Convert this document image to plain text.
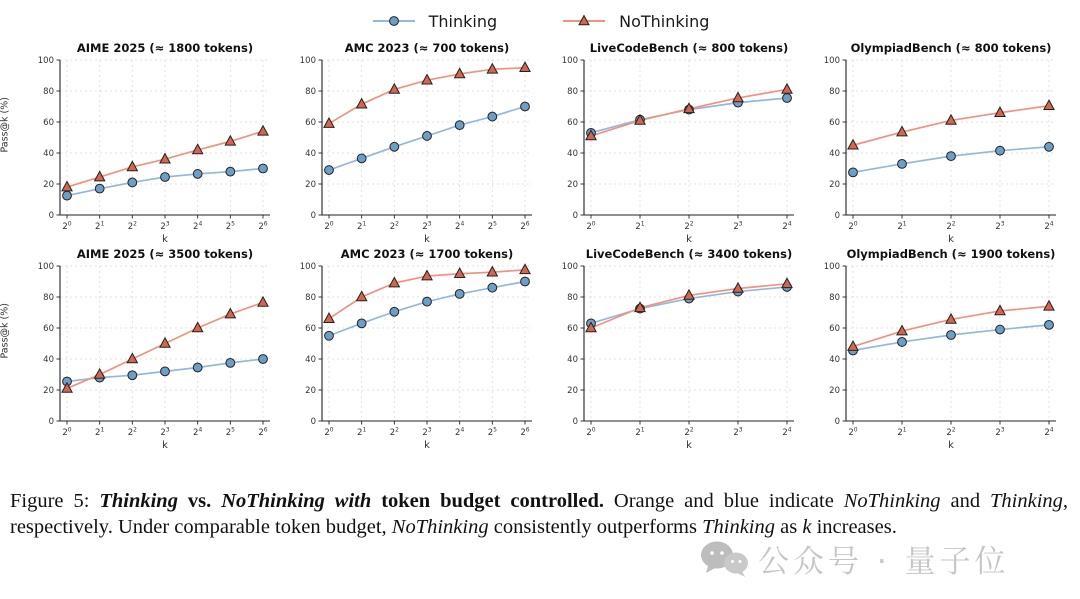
Thinking	NoThinking
Pass@k (%)
Pass@k (%)
0
20
40
60
80
100
$2^0$	$2^1$	$2^2$	$2^3$	$2^4$	$2^5$	$2^6$
k
AIME 2025 (≈ 1800 tokens)
0
20
40
60
80
100
$2^0$	$2^1$	$2^2$	$2^3$	$2^4$	$2^5$	$2^6$
k
AMC 2023 (≈ 700 tokens)
0
20
40
60
80
100
$2^0$	$2^1$	$2^2$	$2^3$	$2^4$
k
LiveCodeBench (≈ 800 tokens)
0
20
40
60
80
100
$2^0$	$2^1$	$2^2$	$2^3$	$2^4$
k
OlympiadBench (≈ 800 tokens)
0
20
40
60
80
100
$2^0$	$2^1$	$2^2$	$2^3$	$2^4$	$2^5$	$2^6$
k
AIME 2025 (≈ 3500 tokens)
0
20
40
60
80
100
$2^0$	$2^1$	$2^2$	$2^3$	$2^4$	$2^5$	$2^6$
k
AMC 2023 (≈ 1700 tokens)
0
20
40
60
80
100
$2^0$	$2^1$	$2^2$	$2^3$	$2^4$
k
LiveCodeBench (≈ 3400 tokens)
0
20
40
60
80
100
$2^0$	$2^1$	$2^2$	$2^3$	$2^4$
k
OlympiadBench (≈ 1900 tokens)
公众号 · 量子位

Figure 5: Thinking vs. NoThinking with token budget controlled. Orange and blue indicate NoThinking and Thinking, respectively. Under comparable token budget, NoThinking consistently outperforms Thinking as k increases.
